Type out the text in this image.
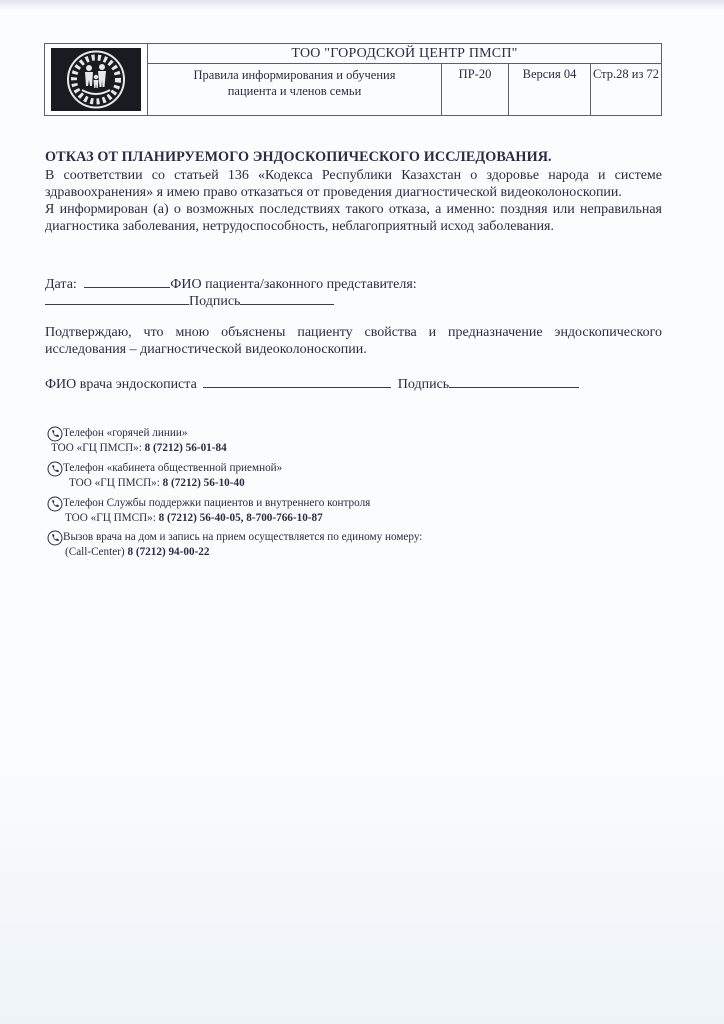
ТОО "ГОРОДСКОЙ ЦЕНТР ПМСП"
Правила информирования и обучения
пациента и членов семьи
ПР-20	Версия 04	Стр.28 из 72
ОТКАЗ ОТ ПЛАНИРУЕМОГО ЭНДОСКОПИЧЕСКОГО ИССЛЕДОВАНИЯ.
В соответствии со статьей 136 «Кодекса Республики Казахстан о здоровье народа и системе здравоохранения» я имею право отказаться от проведения диагностической видеоколоноскопии.
Я информирован (а) о возможных последствиях такого отказа, а именно: поздняя или неправильная диагностика заболевания, нетрудоспособность, неблагоприятный исход заболевания.
Дата:	ФИО пациента/законного представителя:
Подпись
Подтверждаю, что мною объяснены пациенту свойства и предназначение эндоскопического исследования – диагностической видеоколоноскопии.
ФИО врача эндоскописта	Подпись
Телефон «горячей линии»
ТОО «ГЦ ПМСП»: 8 (7212) 56-01-84
Телефон «кабинета общественной приемной»
ТОО «ГЦ ПМСП»: 8 (7212) 56-10-40
Телефон Службы поддержки пациентов и внутреннего контроля
ТОО «ГЦ ПМСП»: 8 (7212) 56-40-05, 8-700-766-10-87
Вызов врача на дом и запись на прием осуществляется по единому номеру:
(Call-Center) 8 (7212) 94-00-22
